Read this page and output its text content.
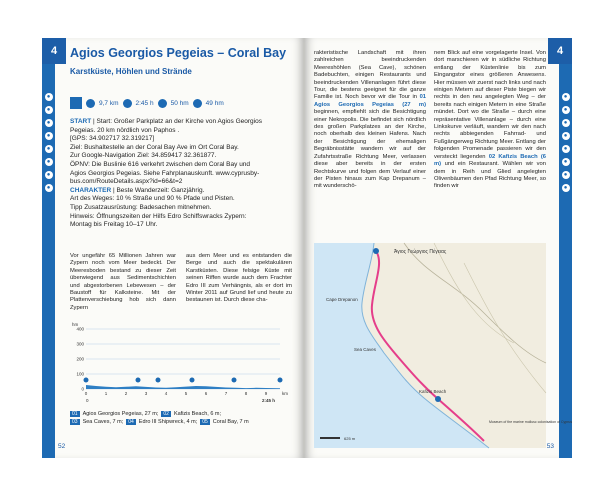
●
●
●
●
●
●
●
●
4	Agios Georgios Pegeias – Coral Bay
Karstküste, Höhlen und Strände
9,7 km	2:45 h	50 hm	49 hm
START | Start: Großer Parkplatz an der Kirche von Agios Georgios
Pegeias. 20 km nördlich von Paphos .
[GPS: 34.902717 32.319217]
Ziel: Bushaltestelle an der Coral Bay Ave im Ort Coral Bay.
Zur Google-Navigation Ziel: 34.859417 32.361877.
ÖPNV: Die Buslinie 616 verkehrt zwischen dem Coral Bay und
Agios Georgios Pegeias. Siehe Fahrplanauskunft. www.cyprusby-
bus.com/RouteDetails.aspx?id=66&t=2
CHARAKTER | Beste Wanderzeit: Ganzjährig.
Art des Weges: 10 % Straße und 90 % Pfade und Pisten.
Tipp Zusatzausrüstung: Badesachen mitnehmen.
Hinweis: Öffnungszeiten der Hilfs Edro Schiffswracks Zypern:
Montag bis Freitag 10–17 Uhr.
Vor ungefähr 65 Millionen Jahren war Zypern noch vom Meer bedeckt. Der Meeresboden bestand zu dieser Zeit überwiegend aus Sedimentschichten und abgestorbenen Lebewesen – der Baustoff für Kalksteine. Mit der Plattenverschiebung hob sich dann Zypern
aus dem Meer und es entstanden die Berge und auch die spektakulären Karstküsten. Diese felsige Küste mit seinen Riffen wurde auch dem Frachter Edro III zum Verhängnis, als er dort im Winter 2011 auf Grund lief und heute zu bestaunen ist. Durch diese cha-
400
300
200
100
0
hm
0	1	2	3	4	5	6	7	8	9	km
0	2:45 h
01 Agios Georgios Pegeias, 27 m;	02 Kafizis Beach, 6 m;
03 Sea Caves, 7 m;	04 Edro III Shipwreck, 4 m;	05 Coral Bay, 7 m
52
●
●
●
●
●
●
●
●
4
rakteristische Landschaft mit ihren zahlreichen beeindruckenden Meereshöhlen (Sea Cave), schönen Badebuchten, einigen Restaurants und beeindruckenden Villenanlagen führt diese Tour, die bestens geeignet für die ganze Familie ist. Noch bevor wir die Tour in 01 Agios Georgios Pegeias (27 m) beginnen, empfiehlt sich die Besichtigung einer Nekropolis. Die befindet sich nördlich des großen Parkplatzes an der Kirche, noch oberhalb des kleinen Hafens. Nach der Besichtigung der ehemaligen Begräbnisstätte wandern wir auf der Zufahrtsstraße Richtung Meer, verlassen diese aber bereits in der ersten Rechtskurve und folgen dem Verlauf einer der Pisten hinaus zum Kap Drepanum – mit wunderschö-
nem Blick auf eine vorgelagerte Insel. Von dort marschieren wir in südliche Richtung entlang der Küstenlinie bis zum Eingangstor eines größeren Anwesens. Hier müssen wir zuerst nach links und nach einigen Metern auf dieser Piste biegen wir rechts in den neu angelegten Weg – der bereits nach einigen Metern in eine Straße mündet. Dort wo die Straße – durch eine repräsentative Villenanlage – durch eine Linkskurve verläuft, wandern wir den nach rechts abbiegenden Fahrrad- und Fußgängerweg Richtung Meer. Entlang der folgenden Promenade passieren wir den versteckt liegenden 02 Kafizis Beach (6 m) und ein Restaurant. Wählen wir von dem in Reih und Glied angelegten Olivenbäumen den Pfad Richtung Meer, so finden wir
Άγιος Γεώργιος Πέγειας
Cape Drepanon
Sea Caves
Kafizis Beach
Museum of the marine mollusc colonisation of Cyprus
625 m
53
